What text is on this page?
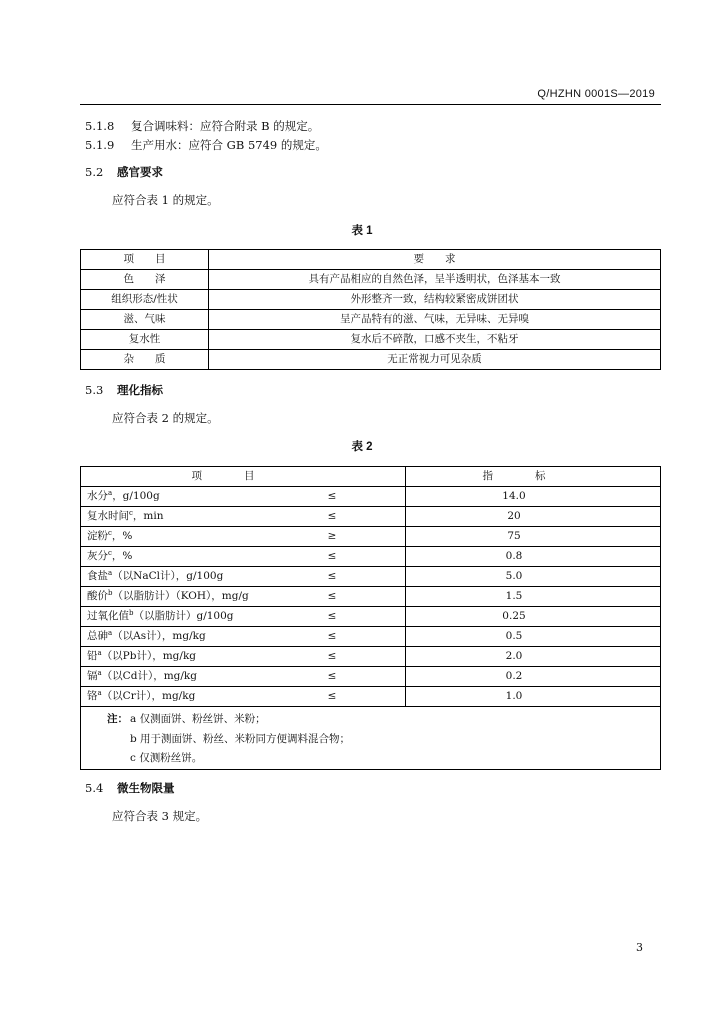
Q/HZHN 0001S—2019
5.1.8 复合调味料：应符合附录 B 的规定。
5.1.9 生产用水：应符合 GB 5749 的规定。
5.2 感官要求
应符合表 1 的规定。
表 1
项　　目	要　　求
色　　泽	具有产品相应的自然色泽，呈半透明状，色泽基本一致
组织形态/性状	外形整齐一致，结构较紧密成饼团状
滋、气味	呈产品特有的滋、气味，无异味、无异嗅
复水性	复水后不碎散，口感不夹生，不粘牙
杂　　质	无正常视力可见杂质
5.3 理化指标
应符合表 2 的规定。
表 2
项　　　　目	指　　　　标
水分$^a$，g/100g	≤	14.0
复水时间$^c$，min	≤	20
淀粉$^c$，%	≥	75
灰分$^c$，%	≤	0.8
食盐$^a$（以NaCl计），g/100g	≤	5.0
酸价$^b$（以脂肪计）（KOH），mg/g	≤	1.5
过氧化值$^b$（以脂肪计）g/100g	≤	0.25
总砷$^a$（以As计），mg/kg	≤	0.5
铅$^a$（以Pb计），mg/kg	≤	2.0
镉$^a$（以Cd计），mg/kg	≤	0.2
铬$^a$（以Cr计），mg/kg	≤	1.0
注： a 仅测面饼、粉丝饼、米粉；
b 用于测面饼、粉丝、米粉同方便调料混合物；
c 仅测粉丝饼。
5.4 微生物限量
应符合表 3 规定。
3
